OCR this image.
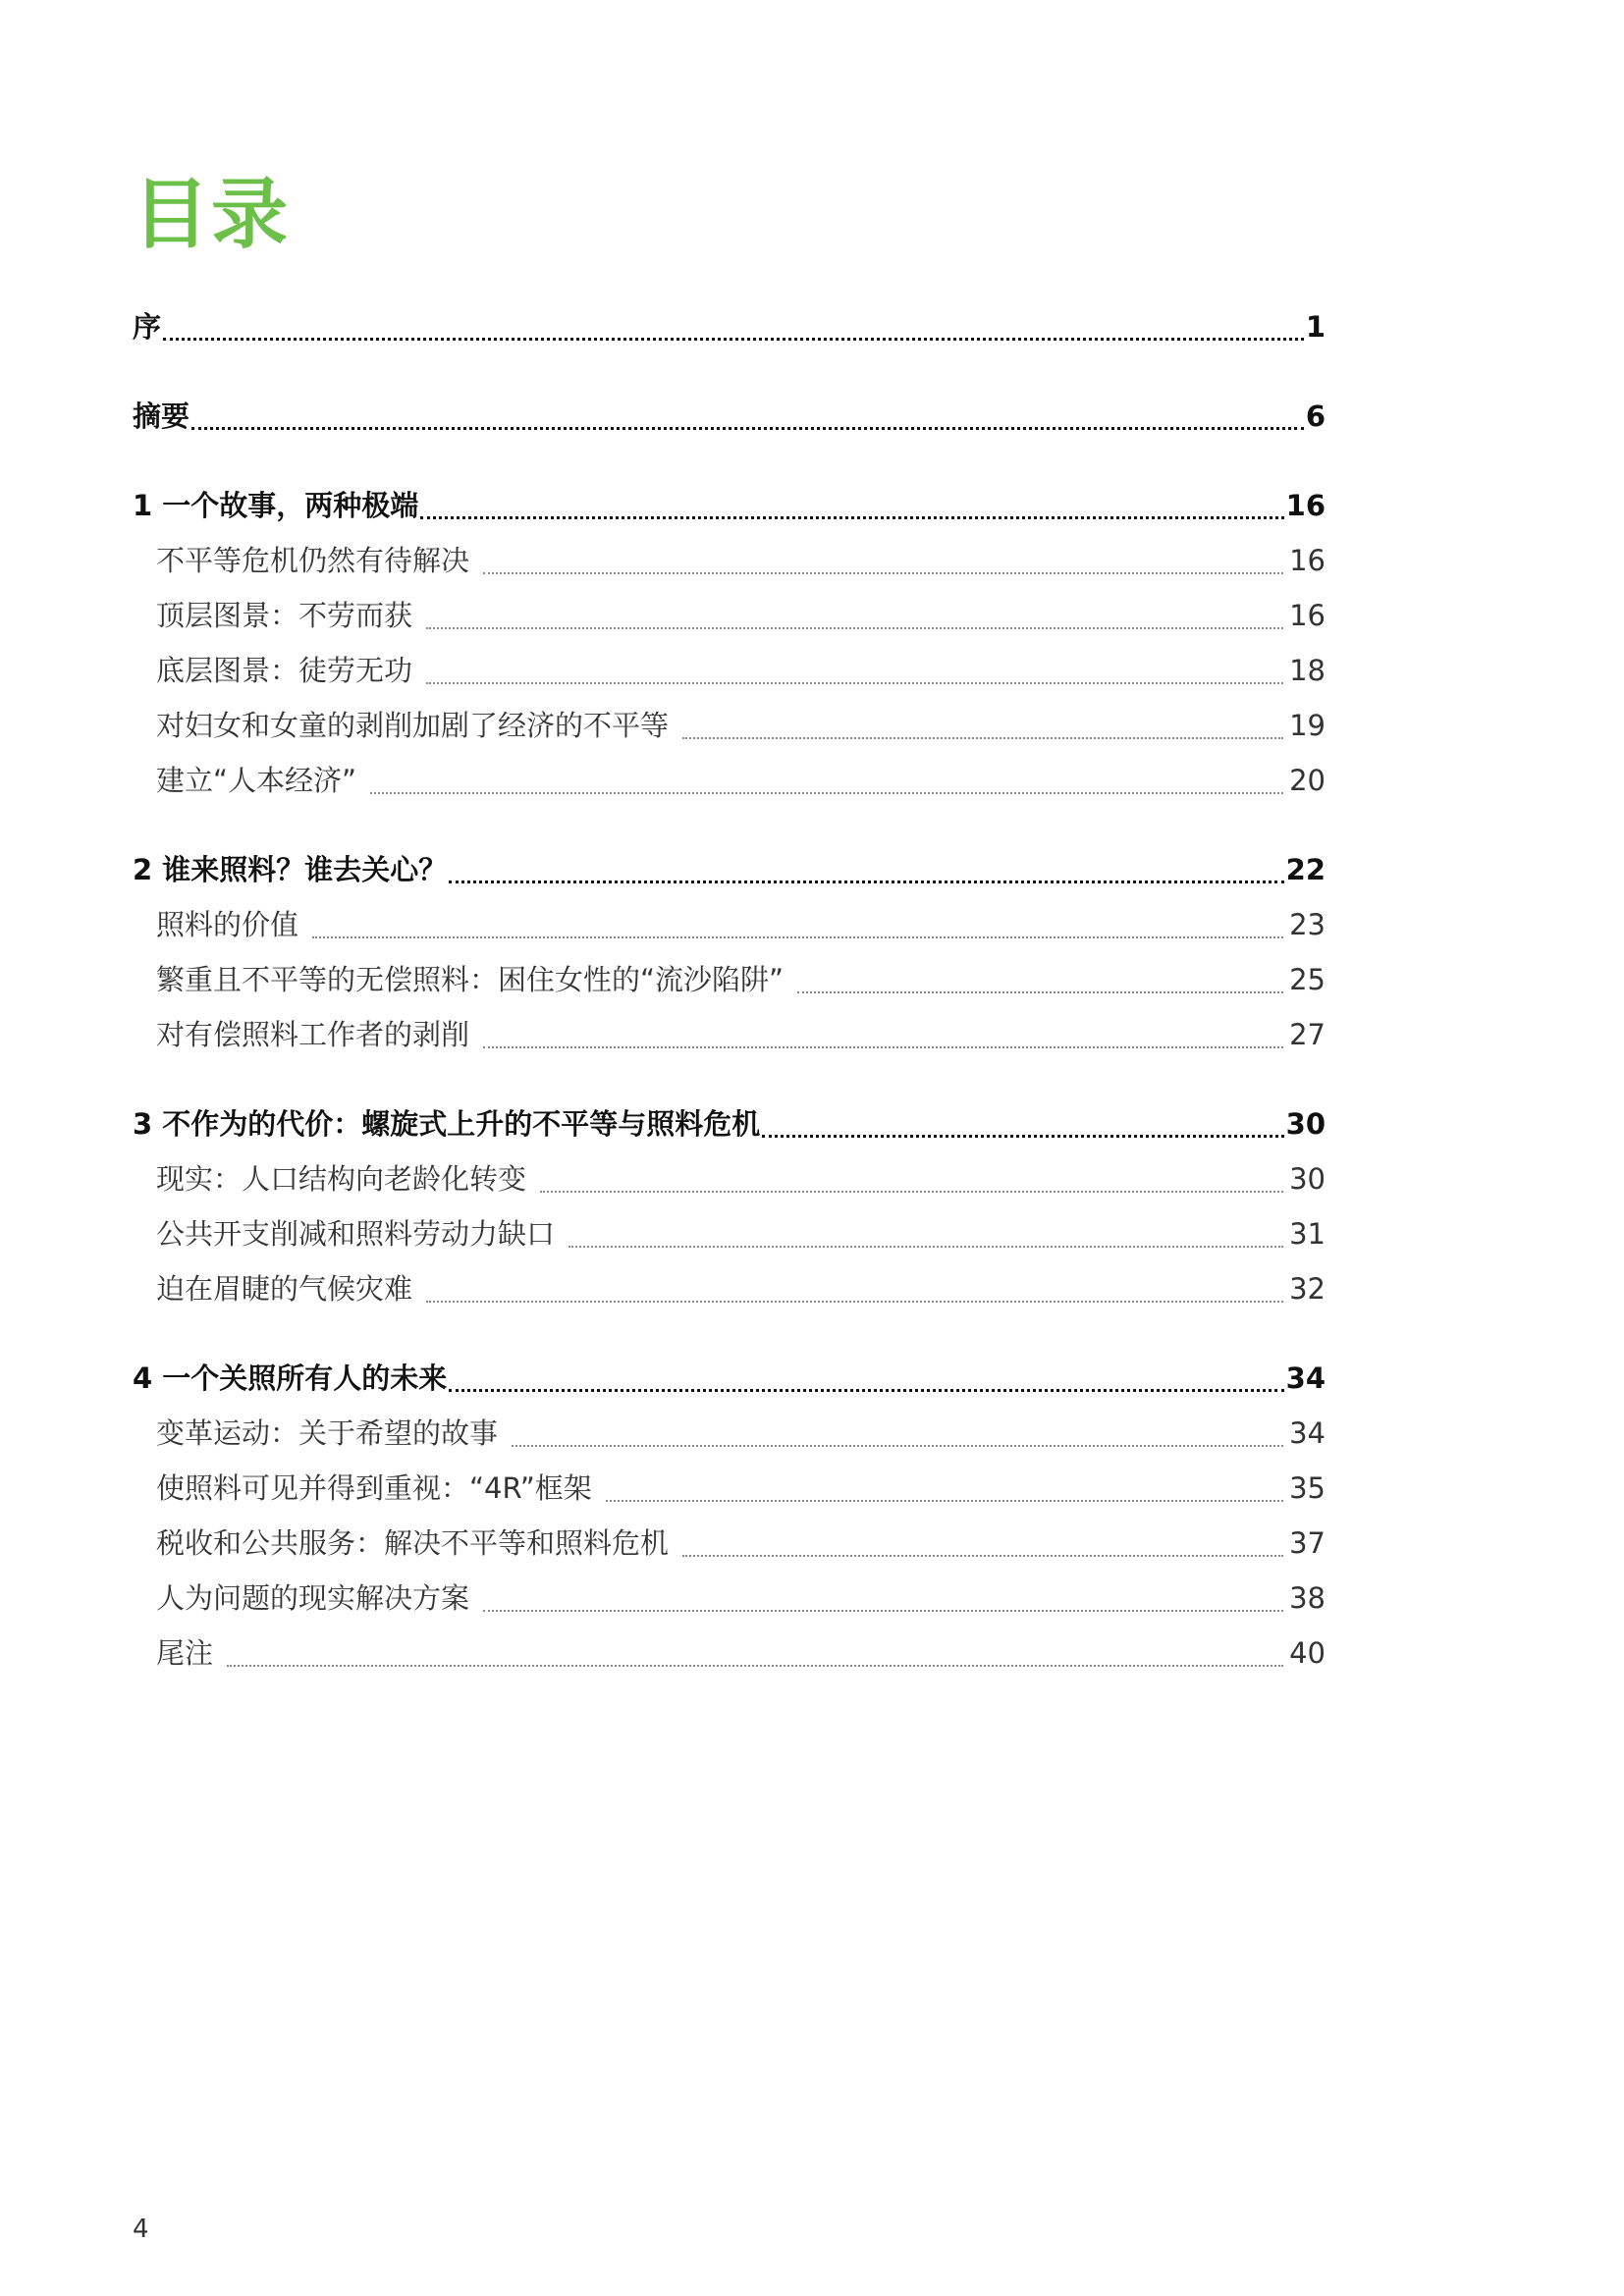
目录
序	1
摘要	6
1 一个故事，两种极端	16
不平等危机仍然有待解决	16
顶层图景：不劳而获	16
底层图景：徒劳无功	18
对妇女和女童的剥削加剧了经济的不平等	19
建立“人本经济”	20
2 谁来照料？谁去关心？	22
照料的价值	23
繁重且不平等的无偿照料：困住女性的“流沙陷阱”	25
对有偿照料工作者的剥削	27
3 不作为的代价：螺旋式上升的不平等与照料危机	30
现实：人口结构向老龄化转变	30
公共开支削减和照料劳动力缺口	31
迫在眉睫的气候灾难	32
4 一个关照所有人的未来	34
变革运动：关于希望的故事	34
使照料可见并得到重视：“4R”框架	35
税收和公共服务：解决不平等和照料危机	37
人为问题的现实解决方案	38
尾注	40
4
